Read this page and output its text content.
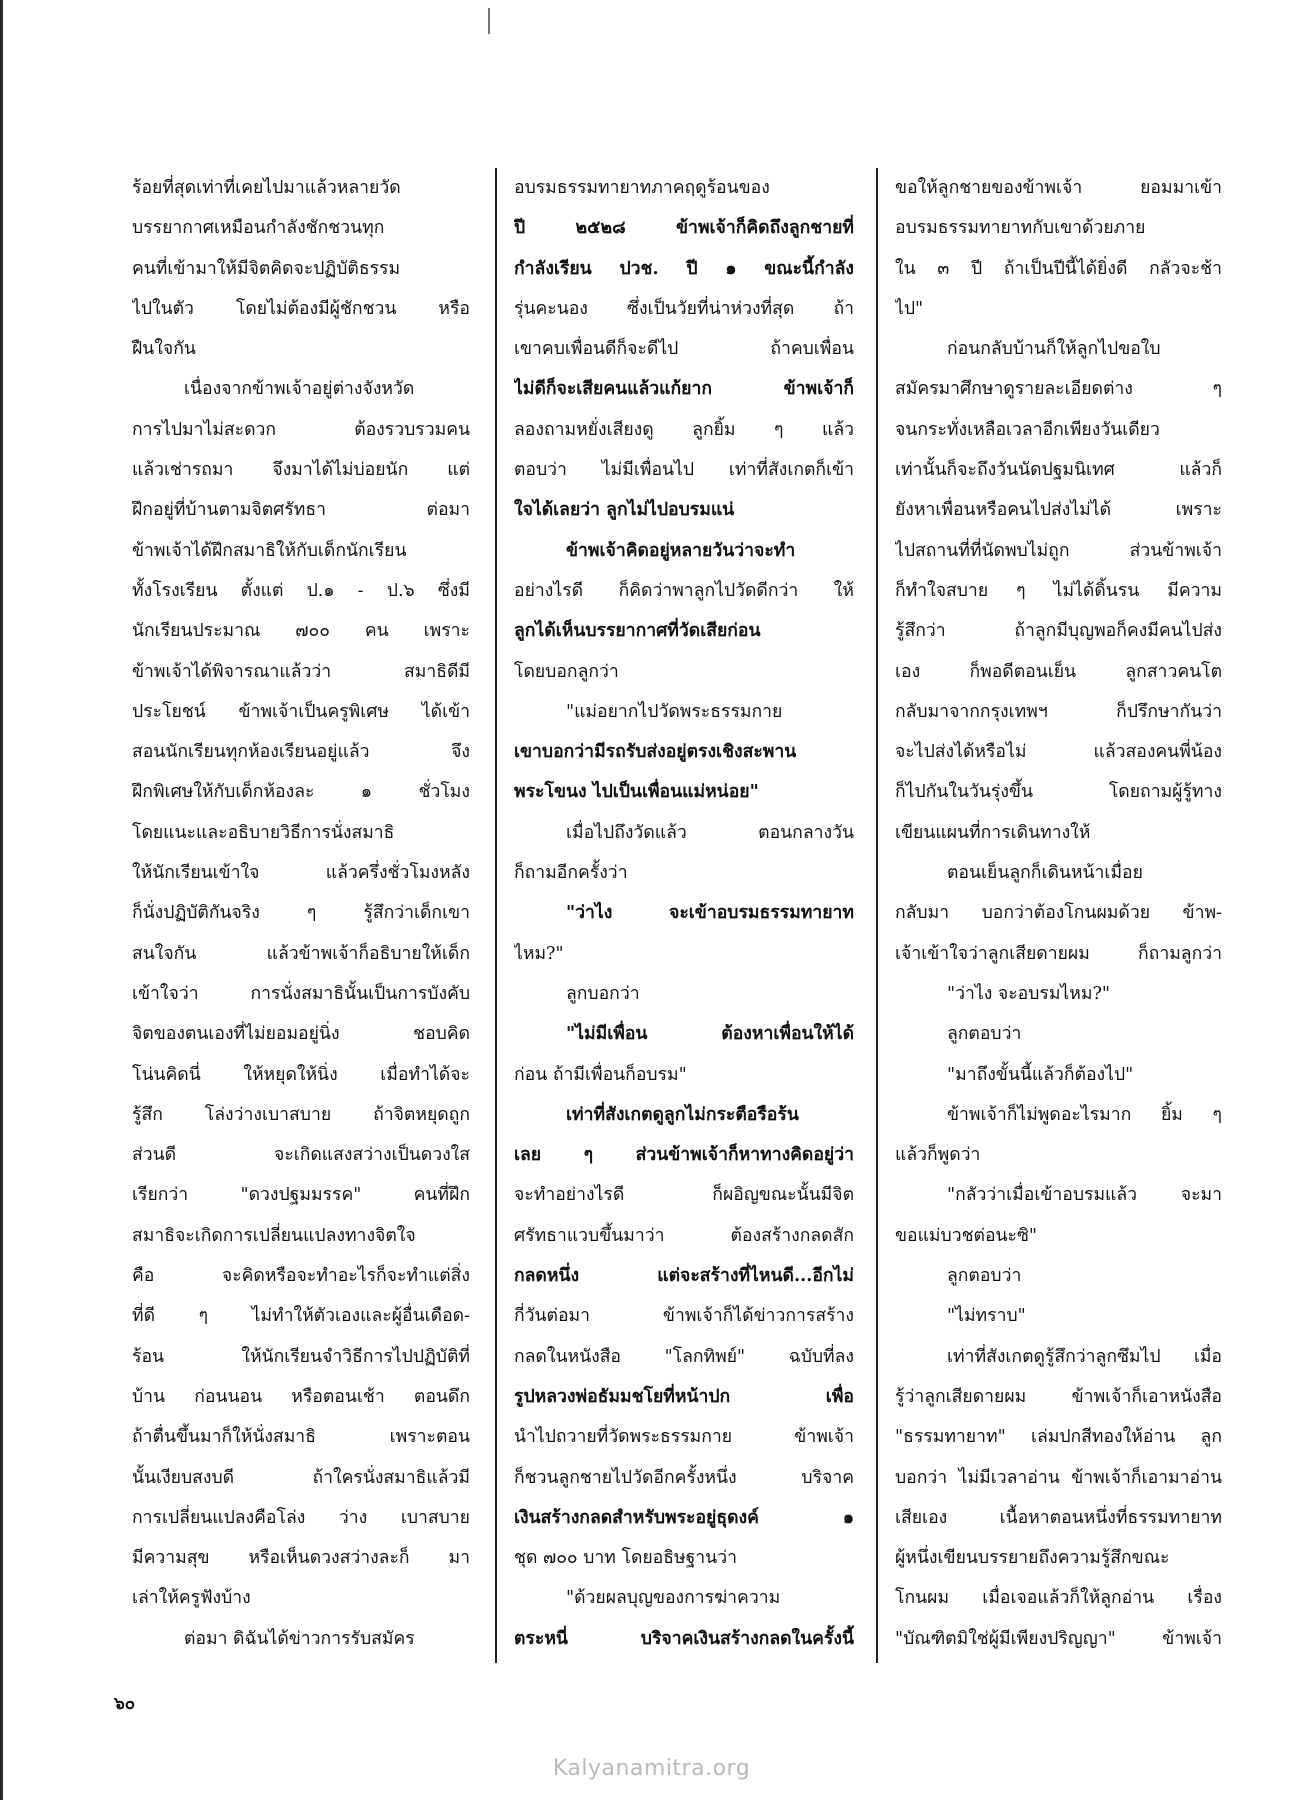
ร้อยที่สุดเท่าที่เคยไปมาแล้วหลายวัด
บรรยากาศเหมือนกำลังชักชวนทุก
คนที่เข้ามาให้มีจิตคิดจะปฏิบัติธรรม
ไปในตัว โดยไม่ต้องมีผู้ชักชวน หรือ
ฝืนใจกัน
เนื่องจากข้าพเจ้าอยู่ต่างจังหวัด
การไปมาไม่สะดวก ต้องรวบรวมคน
แล้วเช่ารถมา จึงมาได้ไม่บ่อยนัก แต่
ฝึกอยู่ที่บ้านตามจิตศรัทธา ต่อมา
ข้าพเจ้าได้ฝึกสมาธิให้กับเด็กนักเรียน
ทั้งโรงเรียน ตั้งแต่ ป.๑ - ป.๖ ซึ่งมี
นักเรียนประมาณ ๗๐๐ คน เพราะ
ข้าพเจ้าได้พิจารณาแล้วว่า สมาธิดีมี
ประโยชน์ ข้าพเจ้าเป็นครูพิเศษ ได้เข้า
สอนนักเรียนทุกห้องเรียนอยู่แล้ว จึง
ฝึกพิเศษให้กับเด็กห้องละ ๑ ชั่วโมง
โดยแนะและอธิบายวิธีการนั่งสมาธิ
ให้นักเรียนเข้าใจ แล้วครึ่งชั่วโมงหลัง
ก็นั่งปฏิบัติกันจริง ๆ รู้สึกว่าเด็กเขา
สนใจกัน แล้วข้าพเจ้าก็อธิบายให้เด็ก
เข้าใจว่า การนั่งสมาธินั้นเป็นการบังคับ
จิตของตนเองที่ไม่ยอมอยู่นิ่ง ชอบคิด
โน่นคิดนี่ ให้หยุดให้นิ่ง เมื่อทำได้จะ
รู้สึก โล่งว่างเบาสบาย ถ้าจิตหยุดถูก
ส่วนดี จะเกิดแสงสว่างเป็นดวงใส
เรียกว่า "ดวงปฐมมรรค" คนที่ฝึก
สมาธิจะเกิดการเปลี่ยนแปลงทางจิตใจ
คือ จะคิดหรือจะทำอะไรก็จะทำแต่สิ่ง
ที่ดี ๆ ไม่ทำให้ตัวเองและผู้อื่นเดือด-
ร้อน ให้นักเรียนจำวิธีการไปปฏิบัติที่
บ้าน ก่อนนอน หรือตอนเช้า ตอนดึก
ถ้าตื่นขึ้นมาก็ให้นั่งสมาธิ เพราะตอน
นั้นเงียบสงบดี ถ้าใครนั่งสมาธิแล้วมี
การเปลี่ยนแปลงคือโล่ง ว่าง เบาสบาย
มีความสุข หรือเห็นดวงสว่างละก็ มา
เล่าให้ครูฟังบ้าง
ต่อมา ดิฉันได้ข่าวการรับสมัคร
อบรมธรรมทายาทภาคฤดูร้อนของ
ปี ๒๕๒๘ ข้าพเจ้าก็คิดถึงลูกชายที่
กำลังเรียน ปวช. ปี ๑ ขณะนี้กำลัง
รุ่นคะนอง ซึ่งเป็นวัยที่น่าห่วงที่สุด ถ้า
เขาคบเพื่อนดีก็จะดีไป ถ้าคบเพื่อน
ไม่ดีก็จะเสียคนแล้วแก้ยาก ข้าพเจ้าก็
ลองถามหยั่งเสียงดู ลูกยิ้ม ๆ แล้ว
ตอบว่า ไม่มีเพื่อนไป เท่าที่สังเกตก็เข้า
ใจได้เลยว่า ลูกไม่ไปอบรมแน่
ข้าพเจ้าคิดอยู่หลายวันว่าจะทำ
อย่างไรดี ก็คิดว่าพาลูกไปวัดดีกว่า ให้
ลูกได้เห็นบรรยากาศที่วัดเสียก่อน
โดยบอกลูกว่า
"แม่อยากไปวัดพระธรรมกาย
เขาบอกว่ามีรถรับส่งอยู่ตรงเชิงสะพาน
พระโขนง ไปเป็นเพื่อนแม่หน่อย"
เมื่อไปถึงวัดแล้ว ตอนกลางวัน
ก็ถามอีกครั้งว่า
"ว่าไง จะเข้าอบรมธรรมทายาท
ไหม?"
ลูกบอกว่า
"ไม่มีเพื่อน ต้องหาเพื่อนให้ได้
ก่อน ถ้ามีเพื่อนก็อบรม"
เท่าที่สังเกตดูลูกไม่กระตือรือร้น
เลย ๆ ส่วนข้าพเจ้าก็หาทางคิดอยู่ว่า
จะทำอย่างไรดี ก็ผอิญขณะนั้นมีจิต
ศรัทธาแวบขึ้นมาว่า ต้องสร้างกลดสัก
กลดหนึ่ง แต่จะสร้างที่ไหนดี...อีกไม่
กี่วันต่อมา ข้าพเจ้าก็ได้ข่าวการสร้าง
กลดในหนังสือ "โลกทิพย์" ฉบับที่ลง
รูปหลวงพ่อธัมมชโยที่หน้าปก เพื่อ
นำไปถวายที่วัดพระธรรมกาย ข้าพเจ้า
ก็ชวนลูกชายไปวัดอีกครั้งหนึ่ง บริจาค
เงินสร้างกลดสำหรับพระอยู่ธุดงค์ ๑
ชุด ๗๐๐ บาท โดยอธิษฐานว่า
"ด้วยผลบุญของการฆ่าความ
ตระหนี่ บริจาคเงินสร้างกลดในครั้งนี้
ขอให้ลูกชายของข้าพเจ้า ยอมมาเข้า
อบรมธรรมทายาทกับเขาด้วยภาย
ใน ๓ ปี ถ้าเป็นปีนี้ได้ยิ่งดี กลัวจะช้า
ไป"
ก่อนกลับบ้านก็ให้ลูกไปขอใบ
สมัครมาศึกษาดูรายละเอียดต่าง ๆ
จนกระทั่งเหลือเวลาอีกเพียงวันเดียว
เท่านั้นก็จะถึงวันนัดปฐมนิเทศ แล้วก็
ยังหาเพื่อนหรือคนไปส่งไม่ได้ เพราะ
ไปสถานที่ที่นัดพบไม่ถูก ส่วนข้าพเจ้า
ก็ทำใจสบาย ๆ ไม่ได้ดิ้นรน มีความ
รู้สึกว่า ถ้าลูกมีบุญพอก็คงมีคนไปส่ง
เอง ก็พอดีตอนเย็น ลูกสาวคนโต
กลับมาจากกรุงเทพฯ ก็ปรึกษากันว่า
จะไปส่งได้หรือไม่ แล้วสองคนพี่น้อง
ก็ไปกันในวันรุ่งขึ้น โดยถามผู้รู้ทาง
เขียนแผนที่การเดินทางให้
ตอนเย็นลูกก็เดินหน้าเมื่อย
กลับมา บอกว่าต้องโกนผมด้วย ข้าพ-
เจ้าเข้าใจว่าลูกเสียดายผม ก็ถามลูกว่า
"ว่าไง จะอบรมไหม?"
ลูกตอบว่า
"มาถึงขั้นนี้แล้วก็ต้องไป"
ข้าพเจ้าก็ไม่พูดอะไรมาก ยิ้ม ๆ
แล้วก็พูดว่า
"กลัวว่าเมื่อเข้าอบรมแล้ว จะมา
ขอแม่บวชต่อนะซิ"
ลูกตอบว่า
"ไม่ทราบ"
เท่าที่สังเกตดูรู้สึกว่าลูกซึมไป เมื่อ
รู้ว่าลูกเสียดายผม ข้าพเจ้าก็เอาหนังสือ
"ธรรมทายาท" เล่มปกสีทองให้อ่าน ลูก
บอกว่า ไม่มีเวลาอ่าน ข้าพเจ้าก็เอามาอ่าน
เสียเอง เนื้อหาตอนหนึ่งที่ธรรมทายาท
ผู้หนึ่งเขียนบรรยายถึงความรู้สึกขณะ
โกนผม เมื่อเจอแล้วก็ให้ลูกอ่าน เรื่อง
"บัณฑิตมิใช่ผู้มีเพียงปริญญา" ข้าพเจ้า
๖๐
Kalyanamitra.org
